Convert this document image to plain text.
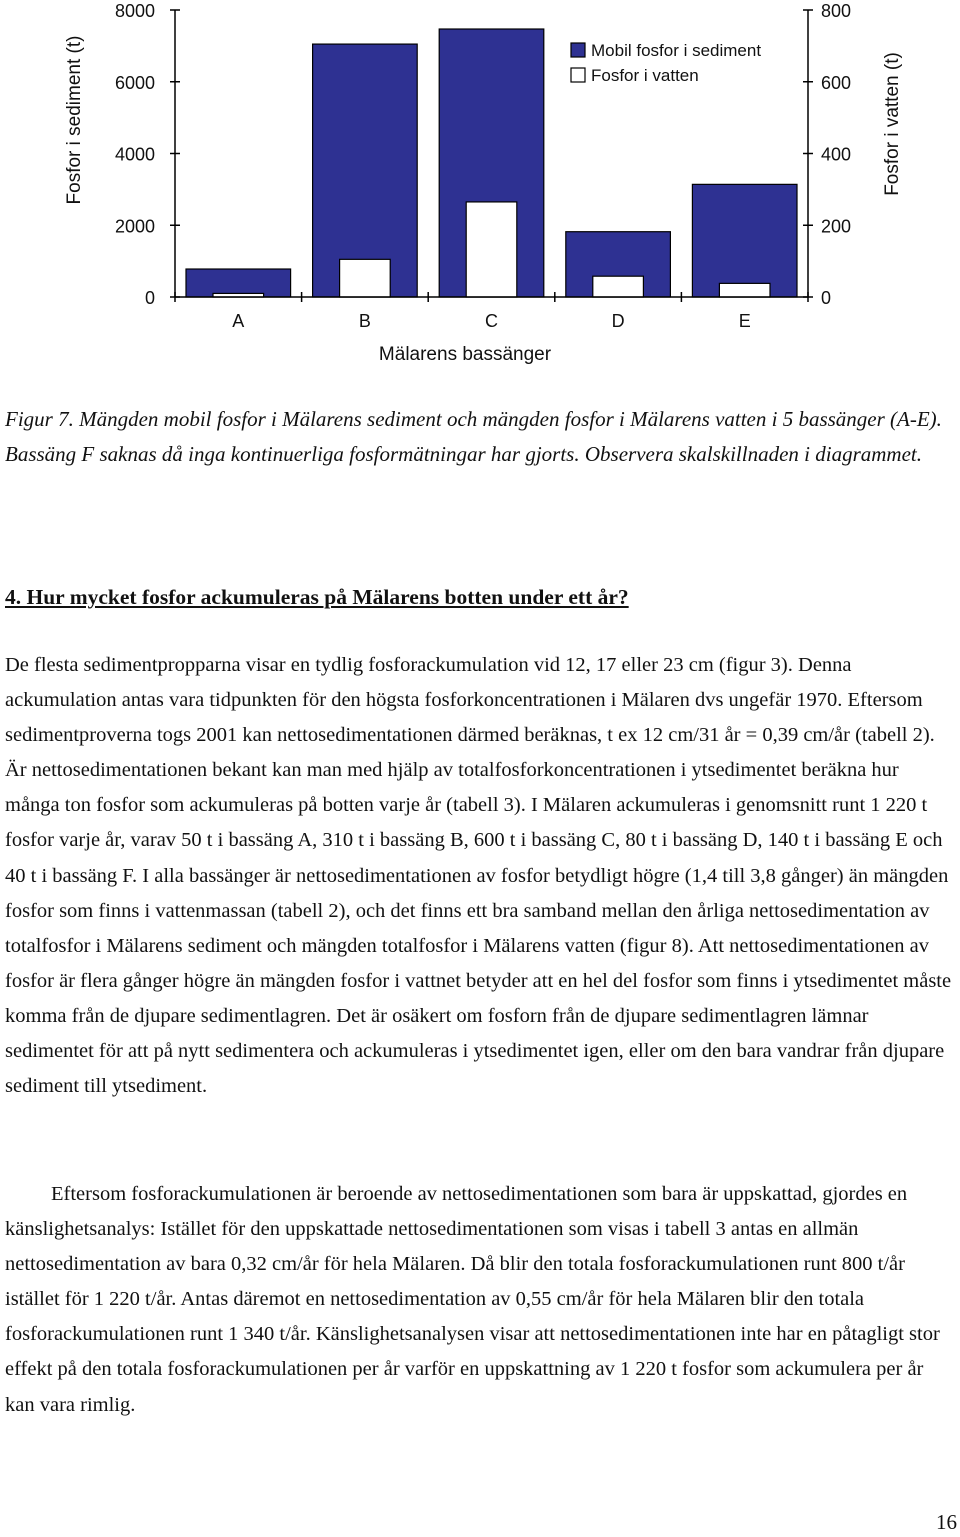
0
2000
4000
6000
8000
0
200
400
600
800
A	B	C	D	E
Mälarens bassänger
Fosfor i sediment (t)	Fosfor i vatten (t)
Mobil fosfor i sediment
Fosfor i vatten

Figur 7. Mängden mobil fosfor i Mälarens sediment och mängden fosfor i Mälarens vatten i 5 bassänger (A-E). Bassäng F saknas då inga kontinuerliga fosformätningar har gjorts. Observera skalskillnaden i diagrammet.

4. Hur mycket fosfor ackumuleras på Mälarens botten under ett år?

De flesta sedimentpropparna visar en tydlig fosforackumulation vid 12, 17 eller 23 cm (figur 3). Denna ackumulation antas vara tidpunkten för den högsta fosforkoncentrationen i Mälaren dvs ungefär 1970. Eftersom sedimentproverna togs 2001 kan nettosedimentationen därmed beräknas, t ex 12 cm/31 år = 0,39 cm/år (tabell 2). Är nettosedimentationen bekant kan man med hjälp av totalfosforkoncentrationen i ytsedimentet beräkna hur många ton fosfor som ackumuleras på botten varje år (tabell 3). I Mälaren ackumuleras i genomsnitt runt 1 220 t fosfor varje år, varav 50 t i bassäng A, 310 t i bassäng B, 600 t i bassäng C, 80 t i bassäng D, 140 t i bassäng E och 40 t i bassäng F. I alla bassänger är nettosedimentationen av fosfor betydligt högre (1,4 till 3,8 gånger) än mängden fosfor som finns i vattenmassan (tabell 2), och det finns ett bra samband mellan den årliga nettosedimentation av totalfosfor i Mälarens sediment och mängden totalfosfor i Mälarens vatten (figur 8). Att nettosedimentationen av fosfor är flera gånger högre än mängden fosfor i vattnet betyder att en hel del fosfor som finns i ytsedimentet måste komma från de djupare sedimentlagren. Det är osäkert om fosforn från de djupare sedimentlagren lämnar sedimentet för att på nytt sedimentera och ackumuleras i ytsedimentet igen, eller om den bara vandrar från djupare sediment till ytsediment.

Eftersom fosforackumulationen är beroende av nettosedimentationen som bara är uppskattad, gjordes en känslighetsanalys: Istället för den uppskattade nettosedimentationen som visas i tabell 3 antas en allmän nettosedimentation av bara 0,32 cm/år för hela Mälaren. Då blir den totala fosforackumulationen runt 800 t/år istället för 1 220 t/år. Antas däremot en nettosedimentation av 0,55 cm/år för hela Mälaren blir den totala fosforackumulationen runt 1 340 t/år. Känslighetsanalysen visar att nettosedimentationen inte har en påtagligt stor effekt på den totala fosforackumulationen per år varför en uppskattning av 1 220 t fosfor som ackumulera per år kan vara rimlig.

16
